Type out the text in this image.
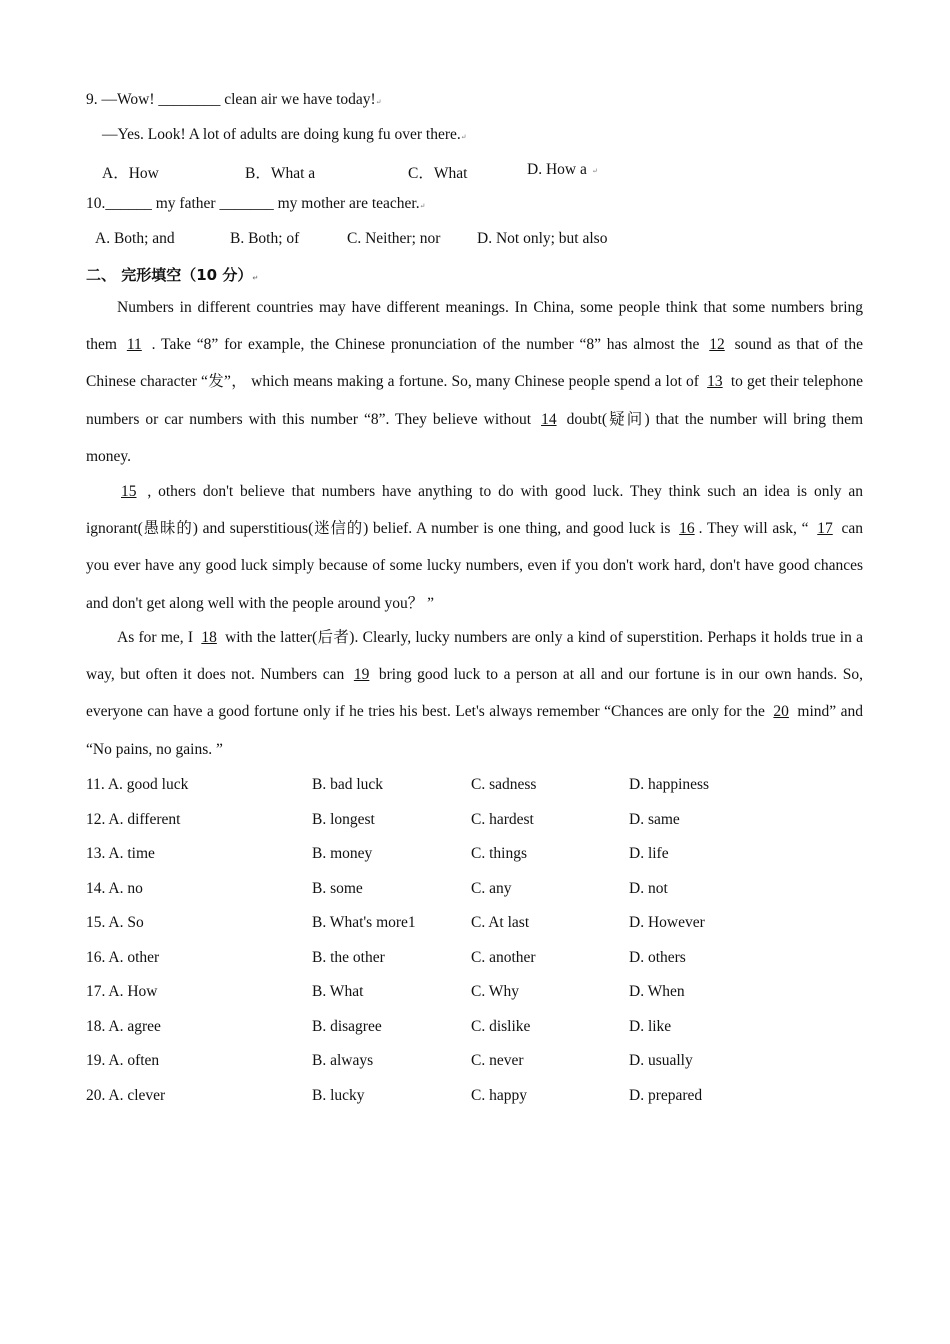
9. —Wow! ________ clean air we have today!↵
—Yes. Look! A lot of adults are doing kung fu over there.↵
A．How	B．What a	C．What	D. How a ↵
10.______ my father _______ my mother are teacher.↵
A. Both; and	B. Both; of	C. Neither; nor D. Not only; but also
二、 完形填空（10 分）↵
Numbers in different countries may have different meanings. In China, some people think that some numbers bring them 11 . Take “8” for example, the Chinese pronunciation of the number “8” has almost the 12 sound as that of the Chinese character “发”， which means making a fortune. So, many Chinese people spend a lot of 13 to get their telephone numbers or car numbers with this number “8”. They believe without 14 doubt(疑问) that the number will bring them money.
15 , others don't believe that numbers have anything to do with good luck. They think such an idea is only an ignorant(愚昧的) and superstitious(迷信的) belief. A number is one thing, and good luck is 16 . They will ask, “ 17 can you ever have any good luck simply because of some lucky numbers, even if you don't work hard, don't have good chances and don't get along well with the people around you？ ”
As for me, I 18 with the latter(后者). Clearly, lucky numbers are only a kind of superstition. Perhaps it holds true in a way, but often it does not. Numbers can 19 bring good luck to a person at all and our fortune is in our own hands. So, everyone can have a good fortune only if he tries his best. Let's always remember “Chances are only for the 20 mind” and “No pains, no gains. ”
11. A. good luck	B. bad luck	C. sadness	D. happiness
12. A. different	B. longest	C. hardest	D. same
13. A. time	B. money	C. things	D. life
14. A. no	B. some	C. any	D. not
15. A. So	B. What's more1	C. At last	D. However
16. A. other	B. the other	C. another	D. others
17. A. How	B. What	C. Why	D. When
18. A. agree	B. disagree	C. dislike	D. like
19. A. often	B. always	C. never	D. usually
20. A. clever	B. lucky	C. happy	D. prepared
